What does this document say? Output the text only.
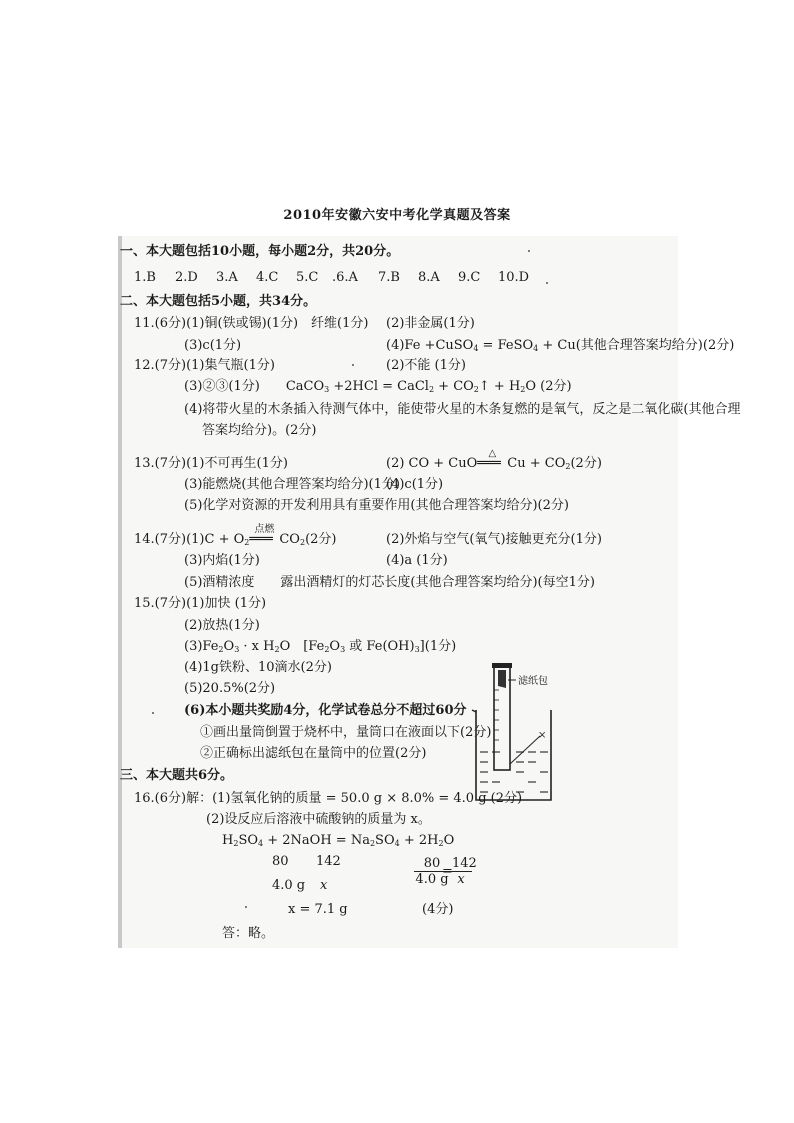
2010年安徽六安中考化学真题及答案
一、本大题包括10小题，每小题2分，共20分。
1.B 2.D 3.A 4.C 5.C .6.A 7.B 8.A 9.C 10.D
二、本大题包括5小题，共34分。
11.(6分)(1)铜(铁或锡)(1分)　纤维(1分) (2)非金属(1分)
(3)c(1分)	(4)Fe +CuSO$_4$ = FeSO$_4$ + Cu(其他合理答案均给分)(2分)
12.(7分)(1)集气瓶(1分)	(2)不能 (1分)
(3)②③(1分)　　CaCO$_3$ +2HCl = CaCl$_2$ + $CO_2↑ + H_2O$ (2分)
(4)将带火星的木条插入待测气体中，能使带火星的木条复燃的是氧气，反之是二氧化碳(其他合理
答案均给分)。(2分)
13.(7分)(1)不可再生(1分)	(2) CO + CuO
△
═══ $Cu + CO_2(2$分)
(3)能燃烧(其他合理答案均给分)(1分)
(4)c(1分)
(5)化学对资源的开发利用具有重要作用(其他合理答案均给分)(2分)
14.(7分)$(1)C + O_2$
点燃
═══ $CO_2(2$分)	(2)外焰与空气(氧气)接触更充分(1分)
(3)内焰(1分)	(4)a (1分)
(5)酒精浓度　　露出酒精灯的灯芯长度(其他合理答案均给分)(每空1分)
15.(7分)(1)加快 (1分)
(2)放热(1分)
$(3)Fe_2O_3 \cdot x$ $H_2O$　[$Fe_2O_3$ 或 $Fe(OH)_3](1$分)
(4)1g铁粉、10滴水(2分)
(5)20.5%(2分)
(6)本小题共奖励4分，化学试卷总分不超过60分
①画出量筒倒置于烧杯中，量筒口在液面以下(2分)
②正确标出滤纸包在量筒中的位置(2分)
×
滤纸包
三、本大题共6分。
16.(6分)解：(1)氢氧化钠的质量 = 50.0 g × 8.0% = 4.0 g (2分)
(2)设反应后溶液中硫酸钠的质量为 x。
$H_2SO_4$ + 2NaOH = $Na_2SO_4 + 2H_2O$
80 142
4.0 g x	$\frac{80}{4.0 g}$
=
$\frac{142}{x}$
x = 7.1 g	(4分)
答：略。
